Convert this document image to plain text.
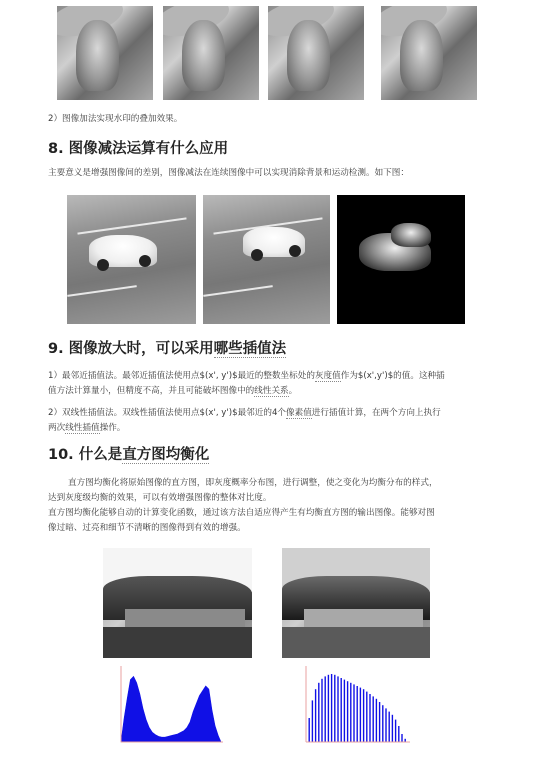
2）图像加法实现水印的叠加效果。
8. 图像减法运算有什么应用
主要意义是增强图像间的差别，图像减法在连续图像中可以实现消除背景和运动检测。如下图：
9. 图像放大时，可以采用哪些插值法
1）最邻近插值法。最邻近插值法使用点$(x', y')$最近的整数坐标处的灰度值作为$(x',y')$的值。这种插
值方法计算量小，但精度不高，并且可能破坏图像中的线性关系。
2）双线性插值法。双线性插值法使用点$(x', y')$最邻近的4个像素值进行插值计算，在两个方向上执行
两次线性插值操作。
10. 什么是直方图均衡化
直方图均衡化将原始图像的直方图，即灰度概率分布图，进行调整，使之变化为均衡分布的样式，
达到灰度级均衡的效果，可以有效增强图像的整体对比度。
直方图均衡化能够自动的计算变化函数，通过该方法自适应得产生有均衡直方图的输出图像。能够对图
像过暗、过亮和细节不清晰的图像得到有效的增强。
